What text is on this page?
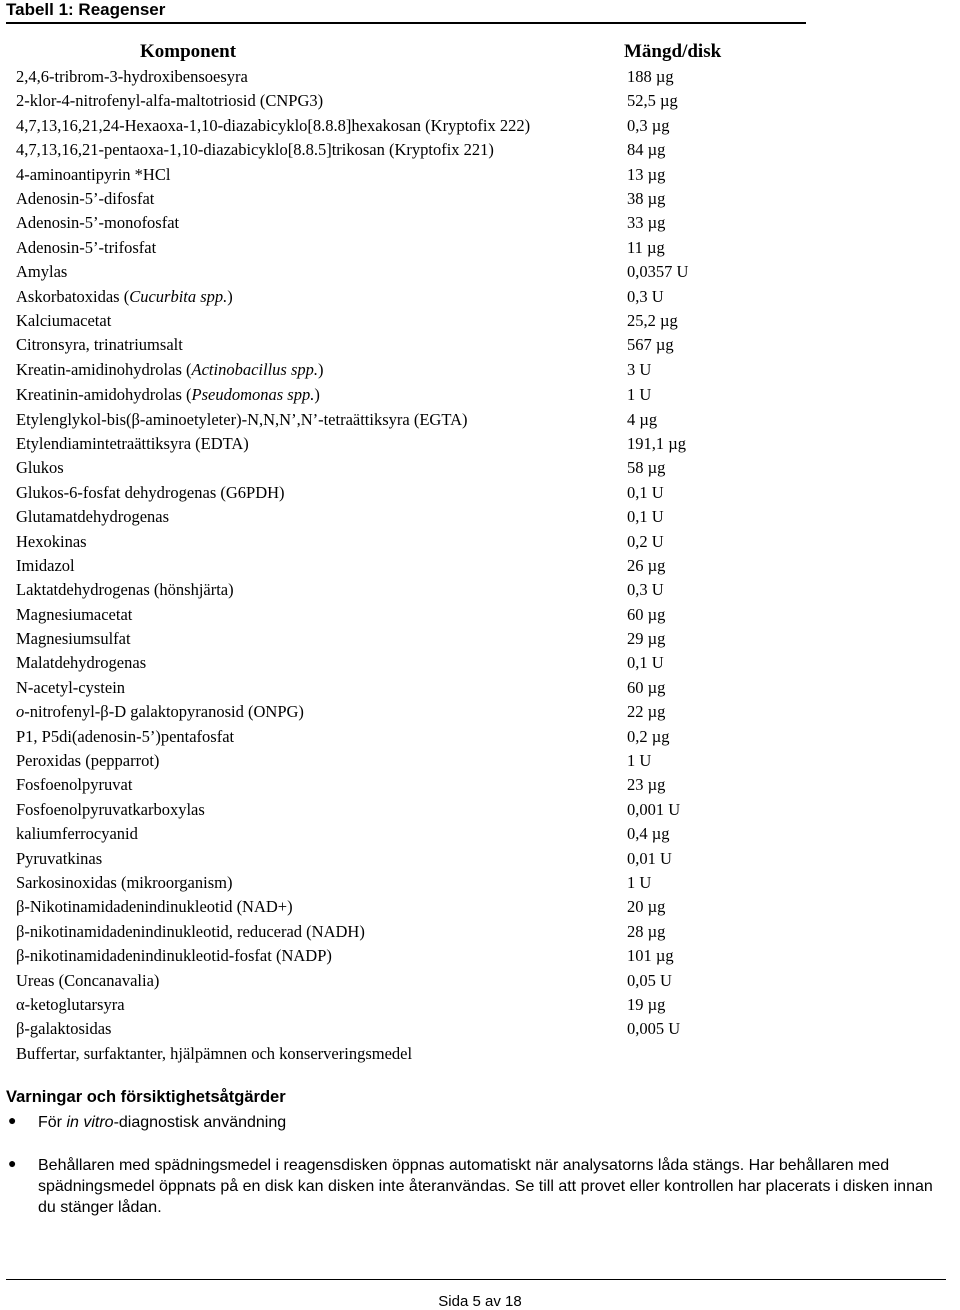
Tabell 1: Reagenser
Komponent	Mängd/disk
2,4,6-tribrom-3-hydroxibensoesyra	188 µg
2-klor-4-nitrofenyl-alfa-maltotriosid (CNPG3)	52,5 µg
4,7,13,16,21,24-Hexaoxa-1,10-diazabicyklo[8.8.8]hexakosan (Kryptofix 222)	0,3 µg
4,7,13,16,21-pentaoxa-1,10-diazabicyklo[8.8.5]trikosan (Kryptofix 221)	84 µg
4-aminoantipyrin *HCl	13 µg
Adenosin-5’-difosfat	38 µg
Adenosin-5’-monofosfat	33 µg
Adenosin-5’-trifosfat	11 µg
Amylas	0,0357 U
Askorbatoxidas (Cucurbita spp.)	0,3 U
Kalciumacetat	25,2 µg
Citronsyra, trinatriumsalt	567 µg
Kreatin-amidinohydrolas (Actinobacillus spp.)	3 U
Kreatinin-amidohydrolas (Pseudomonas spp.)	1 U
Etylenglykol-bis(β-aminoetyleter)-N,N,N’,N’-tetraättiksyra (EGTA)	4 µg
Etylendiamintetraättiksyra (EDTA)	191,1 µg
Glukos	58 µg
Glukos-6-fosfat dehydrogenas (G6PDH)	0,1 U
Glutamatdehydrogenas	0,1 U
Hexokinas	0,2 U
Imidazol	26 µg
Laktatdehydrogenas (hönshjärta)	0,3 U
Magnesiumacetat	60 µg
Magnesiumsulfat	29 µg
Malatdehydrogenas	0,1 U
N-acetyl-cystein	60 µg
o-nitrofenyl-β-D galaktopyranosid (ONPG)	22 µg
P1, P5di(adenosin-5’)pentafosfat	0,2 µg
Peroxidas (pepparrot)	1 U
Fosfoenolpyruvat	23 µg
Fosfoenolpyruvatkarboxylas	0,001 U
kaliumferrocyanid	0,4 µg
Pyruvatkinas	0,01 U
Sarkosinoxidas (mikroorganism)	1 U
β-Nikotinamidadenindinukleotid (NAD+)	20 µg
β-nikotinamidadenindinukleotid, reducerad (NADH)	28 µg
β-nikotinamidadenindinukleotid-fosfat (NADP)	101 µg
Ureas (Concanavalia)	0,05 U
α-ketoglutarsyra	19 µg
β-galaktosidas	0,005 U
Buffertar, surfaktanter, hjälpämnen och konserveringsmedel
Varningar och försiktighetsåtgärder
● För in vitro-diagnostisk användning
● Behållaren med spädningsmedel i reagensdisken öppnas automatiskt när analysatorns låda stängs. Har behållaren med spädningsmedel öppnats på en disk kan disken inte återanvändas. Se till att provet eller kontrollen har placerats i disken innan du stänger lådan.
Sida 5 av 18
